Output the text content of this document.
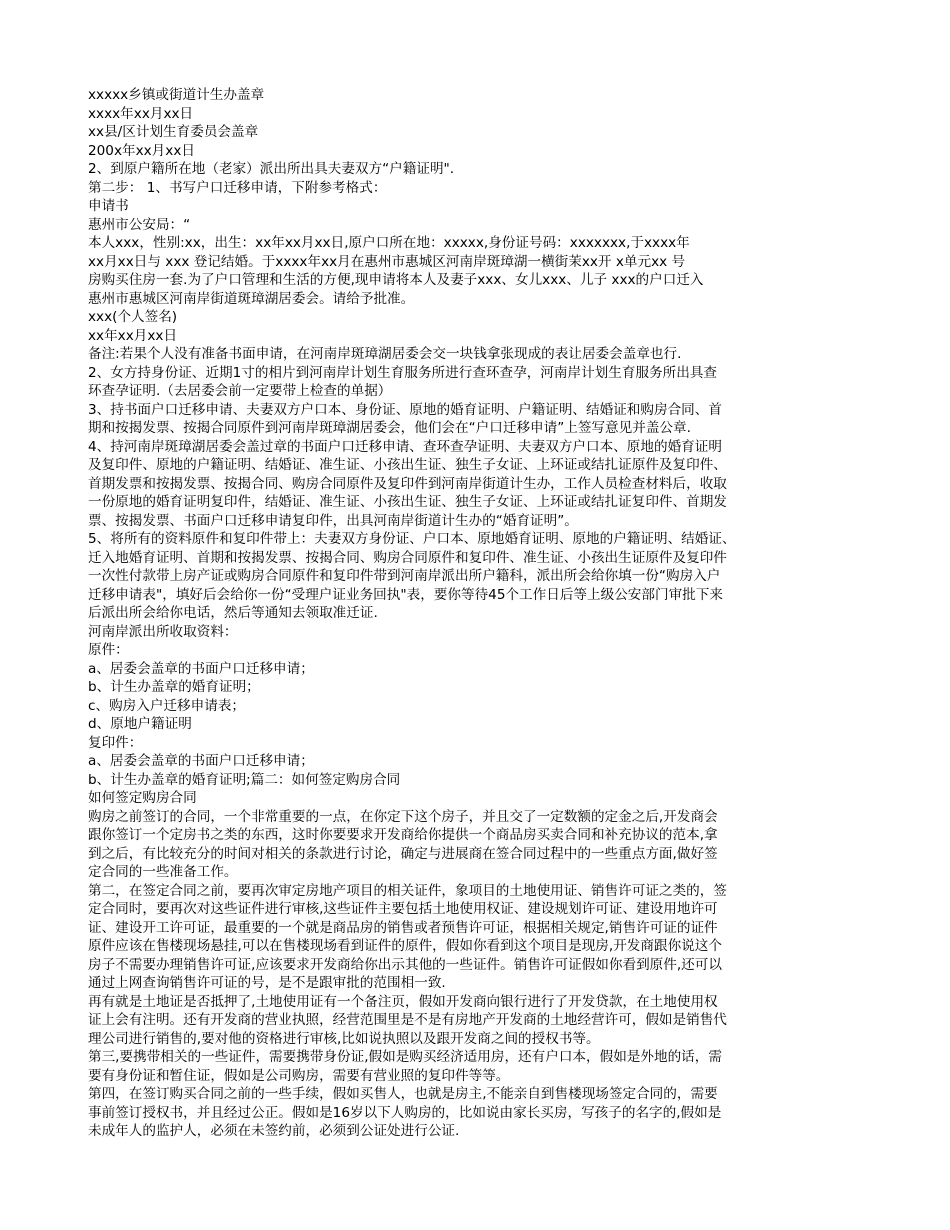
xxxxx乡镇或街道计生办盖章
xxxx年xx月xx日
xx县/区计划生育委员会盖章
200x年xx月xx日
2、到原户籍所在地（老家）派出所出具夫妻双方“户籍证明".
第二步： 1、书写户口迁移申请，下附参考格式：
申请书
惠州市公安局：“
本人xxx，性别:xx，出生：xx年xx月xx日,原户口所在地：xxxxx,身份证号码：xxxxxxx,于xxxx年
xx月xx日与 xxx 登记结婚。于xxxx年xx月在惠州市惠城区河南岸斑璋湖一横街茉xx开 x单元xx 号
房购买住房一套.为了户口管理和生活的方便,现申请将本人及妻子xxx、女儿xxx、儿子 xxx的户口迁入
惠州市惠城区河南岸街道斑璋湖居委会。请给予批准。
xxx(个人签名)
xx年xx月xx日
备注:若果个人没有准备书面申请，在河南岸斑璋湖居委会交一块钱拿张现成的表让居委会盖章也行.
2、女方持身份证、近期1寸的相片到河南岸计划生育服务所进行查环查孕，河南岸计划生育服务所出具查
环查孕证明.（去居委会前一定要带上检查的单据）
3、持书面户口迁移申请、夫妻双方户口本、身份证、原地的婚育证明、户籍证明、结婚证和购房合同、首
期和按揭发票、按揭合同原件到河南岸斑璋湖居委会，他们会在“户口迁移申请”上签写意见并盖公章.
4、持河南岸斑璋湖居委会盖过章的书面户口迁移申请、查环查孕证明、夫妻双方户口本、原地的婚育证明
及复印件、原地的户籍证明、结婚证、准生证、小孩出生证、独生子女证、上环证或结扎证原件及复印件、
首期发票和按揭发票、按揭合同、购房合同原件及复印件到河南岸街道计生办，工作人员检查材料后，收取
一份原地的婚育证明复印件，结婚证、准生证、小孩出生证、独生子女证、上环证或结扎证复印件、首期发
票、按揭发票、书面户口迁移申请复印件，出具河南岸街道计生办的“婚育证明”。
5、将所有的资料原件和复印件带上：夫妻双方身份证、户口本、原地婚育证明、原地的户籍证明、结婚证、
迁入地婚育证明、首期和按揭发票、按揭合同、购房合同原件和复印件、准生证、小孩出生证原件及复印件
一次性付款带上房产证或购房合同原件和复印件带到河南岸派出所户籍科，派出所会给你填一份“购房入户
迁移申请表"，填好后会给你一份“受理户证业务回执"表，要你等待45个工作日后等上级公安部门审批下来
后派出所会给你电话，然后等通知去领取准迁证.
河南岸派出所收取资料：
原件：
a、居委会盖章的书面户口迁移申请；
b、计生办盖章的婚育证明；
c、购房入户迁移申请表；
d、原地户籍证明
复印件：
a、居委会盖章的书面户口迁移申请；
b、计生办盖章的婚育证明;篇二：如何签定购房合同
如何签定购房合同
购房之前签订的合同，一个非常重要的一点，在你定下这个房子，并且交了一定数额的定金之后,开发商会
跟你签订一个定房书之类的东西，这时你要要求开发商给你提供一个商品房买卖合同和补充协议的范本,拿
到之后，有比较充分的时间对相关的条款进行讨论，确定与进展商在签合同过程中的一些重点方面,做好签
定合同的一些准备工作。
第二，在签定合同之前，要再次审定房地产项目的相关证件，象项目的土地使用证、销售许可证之类的，签
定合同时，要再次对这些证件进行审核,这些证件主要包括土地使用权证、建设规划许可证、建设用地许可
证、建设开工许可证，最重要的一个就是商品房的销售或者预售许可证，根据相关规定,销售许可证的证件
原件应该在售楼现场悬挂,可以在售楼现场看到证件的原件，假如你看到这个项目是现房,开发商跟你说这个
房子不需要办理销售许可证,应该要求开发商给你出示其他的一些证件。销售许可证假如你看到原件,还可以
通过上网查询销售许可证的号，是不是跟审批的范围相一致.
再有就是土地证是否抵押了,土地使用证有一个备注页，假如开发商向银行进行了开发贷款，在土地使用权
证上会有注明。还有开发商的营业执照，经营范围里是不是有房地产开发商的土地经营许可，假如是销售代
理公司进行销售的,要对他的资格进行审核,比如说执照以及跟开发商之间的授权书等。
第三,要携带相关的一些证件，需要携带身份证,假如是购买经济适用房，还有户口本，假如是外地的话，需
要有身份证和暂住证，假如是公司购房，需要有营业照的复印件等等。
第四，在签订购买合同之前的一些手续，假如买售人，也就是房主,不能亲自到售楼现场签定合同的，需要
事前签订授权书，并且经过公正。假如是16岁以下人购房的，比如说由家长买房，写孩子的名字的,假如是
未成年人的监护人，必须在未签约前，必须到公证处进行公证.
